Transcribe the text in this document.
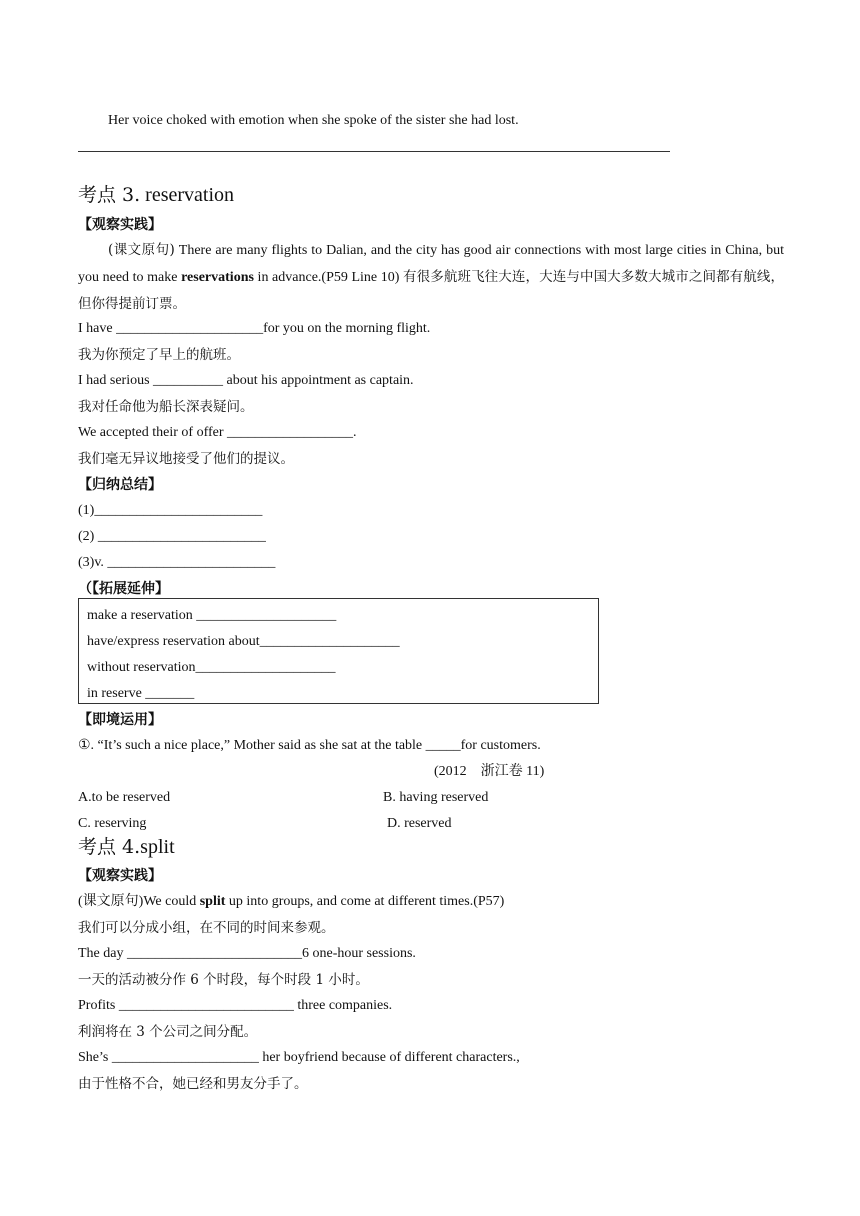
Her voice choked with emotion when she spoke of the sister she had lost.
考点 3. reservation
【观察实践】
(课文原句) There are many flights to Dalian, and the city has good air connections with most large cities in China, but you need to make reservations in advance.(P59 Line 10) 有很多航班飞往大连，大连与中国大多数大城市之间都有航线，但你得提前订票。
I have _____________________for you on the morning flight.
我为你预定了早上的航班。
I had serious __________ about his appointment as captain.
我对任命他为船长深表疑问。
We accepted their of offer __________________.
我们毫无异议地接受了他们的提议。
【归纳总结】
(1)________________________
(2) ________________________
(3)v. ________________________
（【拓展延伸】
make a reservation ____________________
have/express reservation about____________________
without reservation____________________
in reserve _______
【即境运用】
①. “It’s such a nice place,” Mother said as she sat at the table _____for customers.
(2012　浙江卷 11)
A.to be reserved	B. having reserved
C. reserving	D. reserved
考点 4.split
【观察实践】
(课文原句)We could split up into groups, and come at different times.(P57)
我们可以分成小组，在不同的时间来参观。
The day _________________________6 one-hour sessions.
一天的活动被分作 6 个时段，每个时段 1 小时。
Profits _________________________ three companies.
利润将在 3 个公司之间分配。
She’s _____________________ her boyfriend because of different characters.,
由于性格不合，她已经和男友分手了。
